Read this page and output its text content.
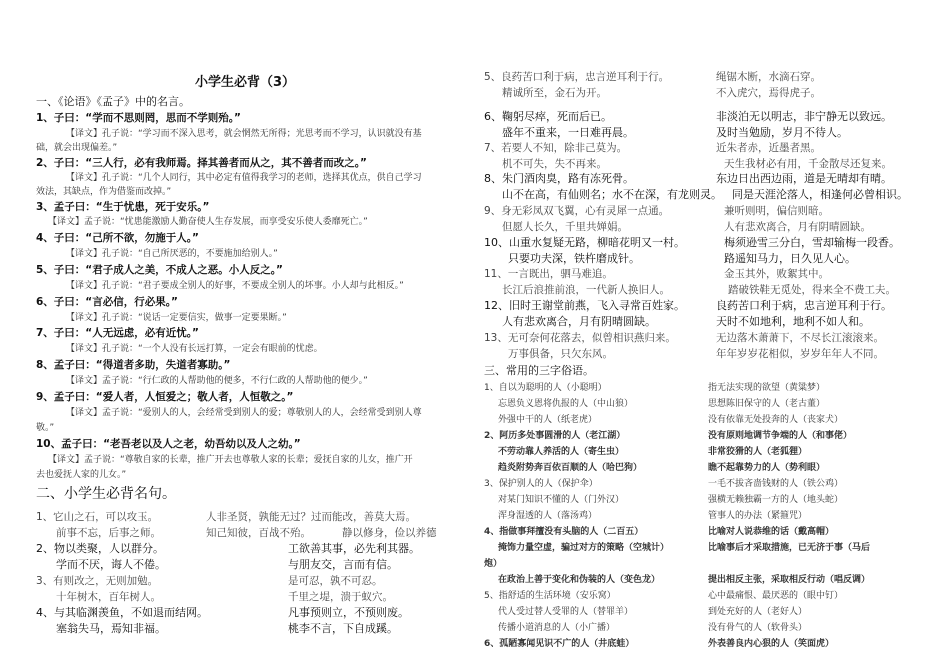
小学生必背（3）
一、《论语》《孟子》中的名言。
1、子曰：“学而不思则罔，思而不学则殆。”
【译文】孔子说：“学习而不深入思考，就会惘然无所得；光思考而不学习，认识就没有基
础，就会出现偏差。”
2、子曰：“三人行，必有我师焉。择其善者而从之，其不善者而改之。”
【译文】孔子说：“几个人同行，其中必定有值得我学习的老师，选择其优点，供自己学习
效法，其缺点，作为借鉴而改掉。”
3、孟子曰：“生于忧患，死于安乐。”
【译文】孟子说：“忧患能激励人勤奋使人生存发展，而享受安乐使人委靡死亡。”
4、子曰：“己所不欲，勿施于人。”
【译文】孔子说：“自己所厌恶的，不要施加给别人。”
5、子曰：“君子成人之美，不成人之恶。小人反之。”
【译文】孔子说：“君子要成全别人的好事，不要成全别人的坏事。小人却与此相反。”
6、子曰：“言必信，行必果。”
【译文】孔子说：“说话一定要信实，做事一定要果断。”
7、子曰：“人无远虑，必有近忧。”
【译文】孔子说：“一个人没有长远打算，一定会有眼前的忧虑。
8、孟子曰：“得道者多助，失道者寡助。”
【译文】孟子说：“行仁政的人帮助他的便多，不行仁政的人帮助他的便少。”
9、孟子曰：“爱人者，人恒爱之；敬人者，人恒敬之。”
【译文】孟子说：“爱别人的人，会经常受到别人的爱；尊敬别人的人，会经常受到别人尊
敬。”
10、孟子曰：“老吾老以及人之老，幼吾幼以及人之幼。”
【译文】孟子说：“尊敬自家的长辈，推广开去也尊敬人家的长辈；爱抚自家的儿女，推广开
去也爱抚人家的儿女。”
二、小学生必背名句。
1、它山之石，可以攻玉。	人非圣贤，孰能无过？过而能改，善莫大焉。
前事不忘，后事之师。	知己知彼，百战不殆。	静以修身，俭以养德
2、物以类聚，人以群分。	工欲善其事，必先利其器。
学而不厌，诲人不倦。	与朋友交，言而有信。
3、有则改之，无则加勉。	是可忍，孰不可忍。
十年树木，百年树人。	千里之堤，溃于蚁穴。
4、与其临渊羡鱼，不如退而结网。	凡事预则立，不预则废。
塞翁失马，焉知非福。	桃李不言，下自成蹊。
5、良药苦口利于病，忠言逆耳利于行。	绳锯木断，水滴石穿。
精诚所至，金石为开。	不入虎穴，焉得虎子。
6、鞠躬尽瘁，死而后已。	非淡泊无以明志，非宁静无以致远。
盛年不重来，一日难再晨。	及时当勉励，岁月不待人。
7、若要人不知，除非己莫为。	近朱者赤，近墨者黑。
机不可失，失不再来。	天生我材必有用，千金散尽还复来。
8、朱门酒肉臭，路有冻死骨。	东边日出西边雨，道是无晴却有晴。
山不在高，有仙则名；水不在深，有龙则灵。 同是天涯沦落人，相逢何必曾相识。
9、身无彩凤双飞翼，心有灵犀一点通。	兼听则明，偏信则暗。
但愿人长久，千里共婵娟。	人有悲欢离合，月有阴晴圆缺。
10、山重水复疑无路，柳暗花明又一村。	梅须逊雪三分白，雪却输梅一段香。
只要功夫深，铁杵磨成针。	路遥知马力，日久见人心。
11、一言既出，驷马难追。	金玉其外，败絮其中。
长江后浪推前浪，一代新人换旧人。	踏破铁鞋无觅处，得来全不费工夫。
12、旧时王谢堂前燕，飞入寻常百姓家。	良药苦口利于病，忠言逆耳利于行。
人有悲欢离合，月有阴晴圆缺。	天时不如地利，地利不如人和。
13、无可奈何花落去，似曾相识燕归来。	无边落木萧萧下，不尽长江滚滚来。
万事俱备，只欠东风。	年年岁岁花相似，岁岁年年人不同。
三、常用的三字俗语。
1、自以为聪明的人（小聪明）	指无法实现的欲望（黄粱梦）
忘恩负义恩将仇报的人（中山狼）	思想陈旧保守的人（老古董）
外强中干的人（纸老虎）	没有依靠无处投奔的人（丧家犬）
2、阿历多处事圆滑的人（老江湖）	没有原则地调节争端的人（和事佬）
不劳动靠人养活的人（寄生虫）	非常狡猾的人（老狐狸）
趋炎附势奔百依百顺的人（哈巴狗）	瞧不起靠势力的人（势利眼）
3、保护别人的人（保护伞）	一毛不拔吝啬钱财的人（铁公鸡）
对某门知识不懂的人（门外汉）	强横无赖独霸一方的人（地头蛇）
浑身湿透的人（落汤鸡）	管事人的办法（紧箍咒）
4、指做事拜擅没有头脑的人（二百五）	比喻对人说恭维的话（戴高帽）
掩饰力量空虚，骗过对方的策略（空城计）	比喻事后才采取措施，已无济于事（马后
炮）
在政治上善于变化和伪装的人（变色龙）	提出相反主张，采取相反行动（唱反调）
5、指舒适的生活环境（安乐窝）	心中最痛恨、最厌恶的（眼中钉）
代人受过替人受罪的人（替罪羊）	到处充好的人（老好人）
传播小道消息的人（小广播）	没有骨气的人（软骨头）
6、孤陋寡闻见识不广的人（井底蛙）	外表善良内心狠的人（笑面虎）
